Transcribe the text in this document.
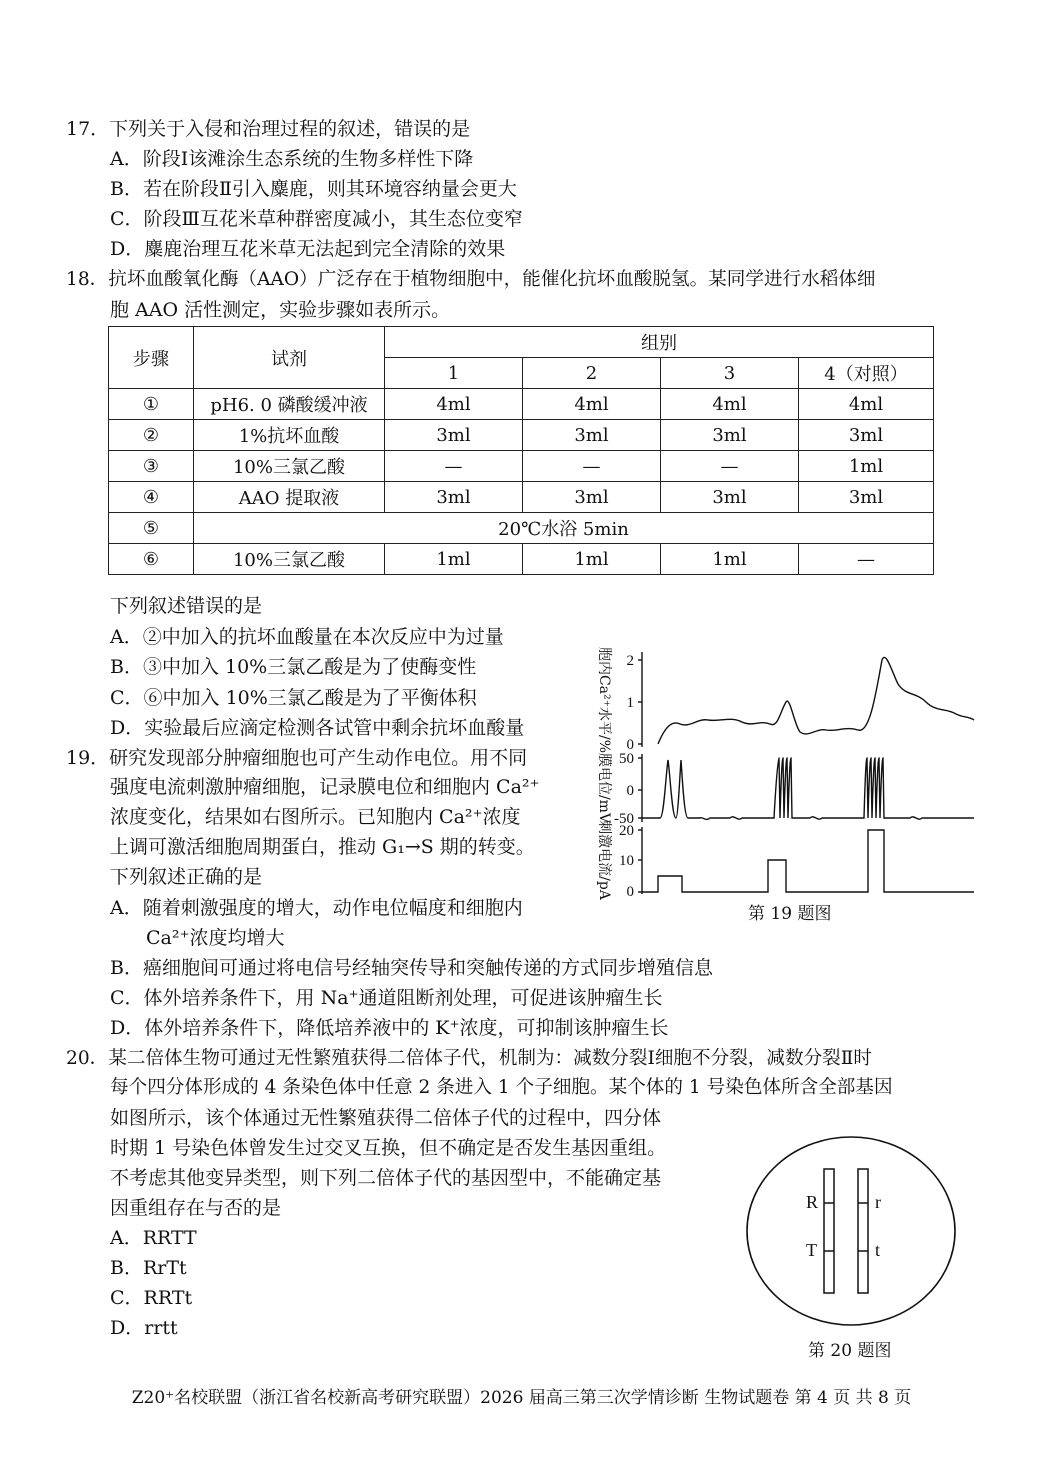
17．下列关于入侵和治理过程的叙述，错误的是
A．阶段Ⅰ该滩涂生态系统的生物多样性下降
B．若在阶段Ⅱ引入麋鹿，则其环境容纳量会更大
C．阶段Ⅲ互花米草种群密度减小，其生态位变窄
D．麋鹿治理互花米草无法起到完全清除的效果
18．抗坏血酸氧化酶（AAO）广泛存在于植物细胞中，能催化抗坏血酸脱氢。某同学进行水稻体细
胞 AAO 活性测定，实验步骤如表所示。
步骤	试剂	组别			
		1	2	3	4（对照）
①	pH6. 0 磷酸缓冲液	4ml	4ml	4ml	4ml
②	1%抗坏血酸	3ml	3ml	3ml	3ml
③	10%三氯乙酸	—	—	—	1ml
④	AAO 提取液	3ml	3ml	3ml	3ml
⑤	20℃水浴 5min				
⑥	10%三氯乙酸	1ml	1ml	1ml	—
下列叙述错误的是
A．②中加入的抗坏血酸量在本次反应中为过量
B．③中加入 10%三氯乙酸是为了使酶变性
C．⑥中加入 10%三氯乙酸是为了平衡体积
D．实验最后应滴定检测各试管中剩余抗坏血酸量
19．研究发现部分肿瘤细胞也可产生动作电位。用不同
强度电流刺激肿瘤细胞，记录膜电位和细胞内 Ca²⁺
浓度变化，结果如右图所示。已知胞内 Ca²⁺浓度
上调可激活细胞周期蛋白，推动 G₁→S 期的转变。
下列叙述正确的是
A．随着刺激强度的增大，动作电位幅度和细胞内
Ca²⁺浓度均增大
B．癌细胞间可通过将电信号经轴突传导和突触传递的方式同步增殖信息
C．体外培养条件下，用 Na⁺通道阻断剂处理，可促进该肿瘤生长
D．体外培养条件下，降低培养液中的 K⁺浓度，可抑制该肿瘤生长
2
1
0
50
0
-50
20
10
0
胞内Ca²⁺水平/%
膜电位/mV
刺激电流/pA
第 19 题图
20．某二倍体生物可通过无性繁殖获得二倍体子代，机制为：减数分裂Ⅰ细胞不分裂，减数分裂Ⅱ时
每个四分体形成的 4 条染色体中任意 2 条进入 1 个子细胞。某个体的 1 号染色体所含全部基因
如图所示，该个体通过无性繁殖获得二倍体子代的过程中，四分体
时期 1 号染色体曾发生过交叉互换，但不确定是否发生基因重组。
不考虑其他变异类型，则下列二倍体子代的基因型中，不能确定基
因重组存在与否的是
A．RRTT
B．RrTt
C．RRTt
D．rrtt
R
T
r
t
第 20 题图
Z20⁺名校联盟（浙江省名校新高考研究联盟）2026 届高三第三次学情诊断 生物试题卷 第 4 页 共 8 页
